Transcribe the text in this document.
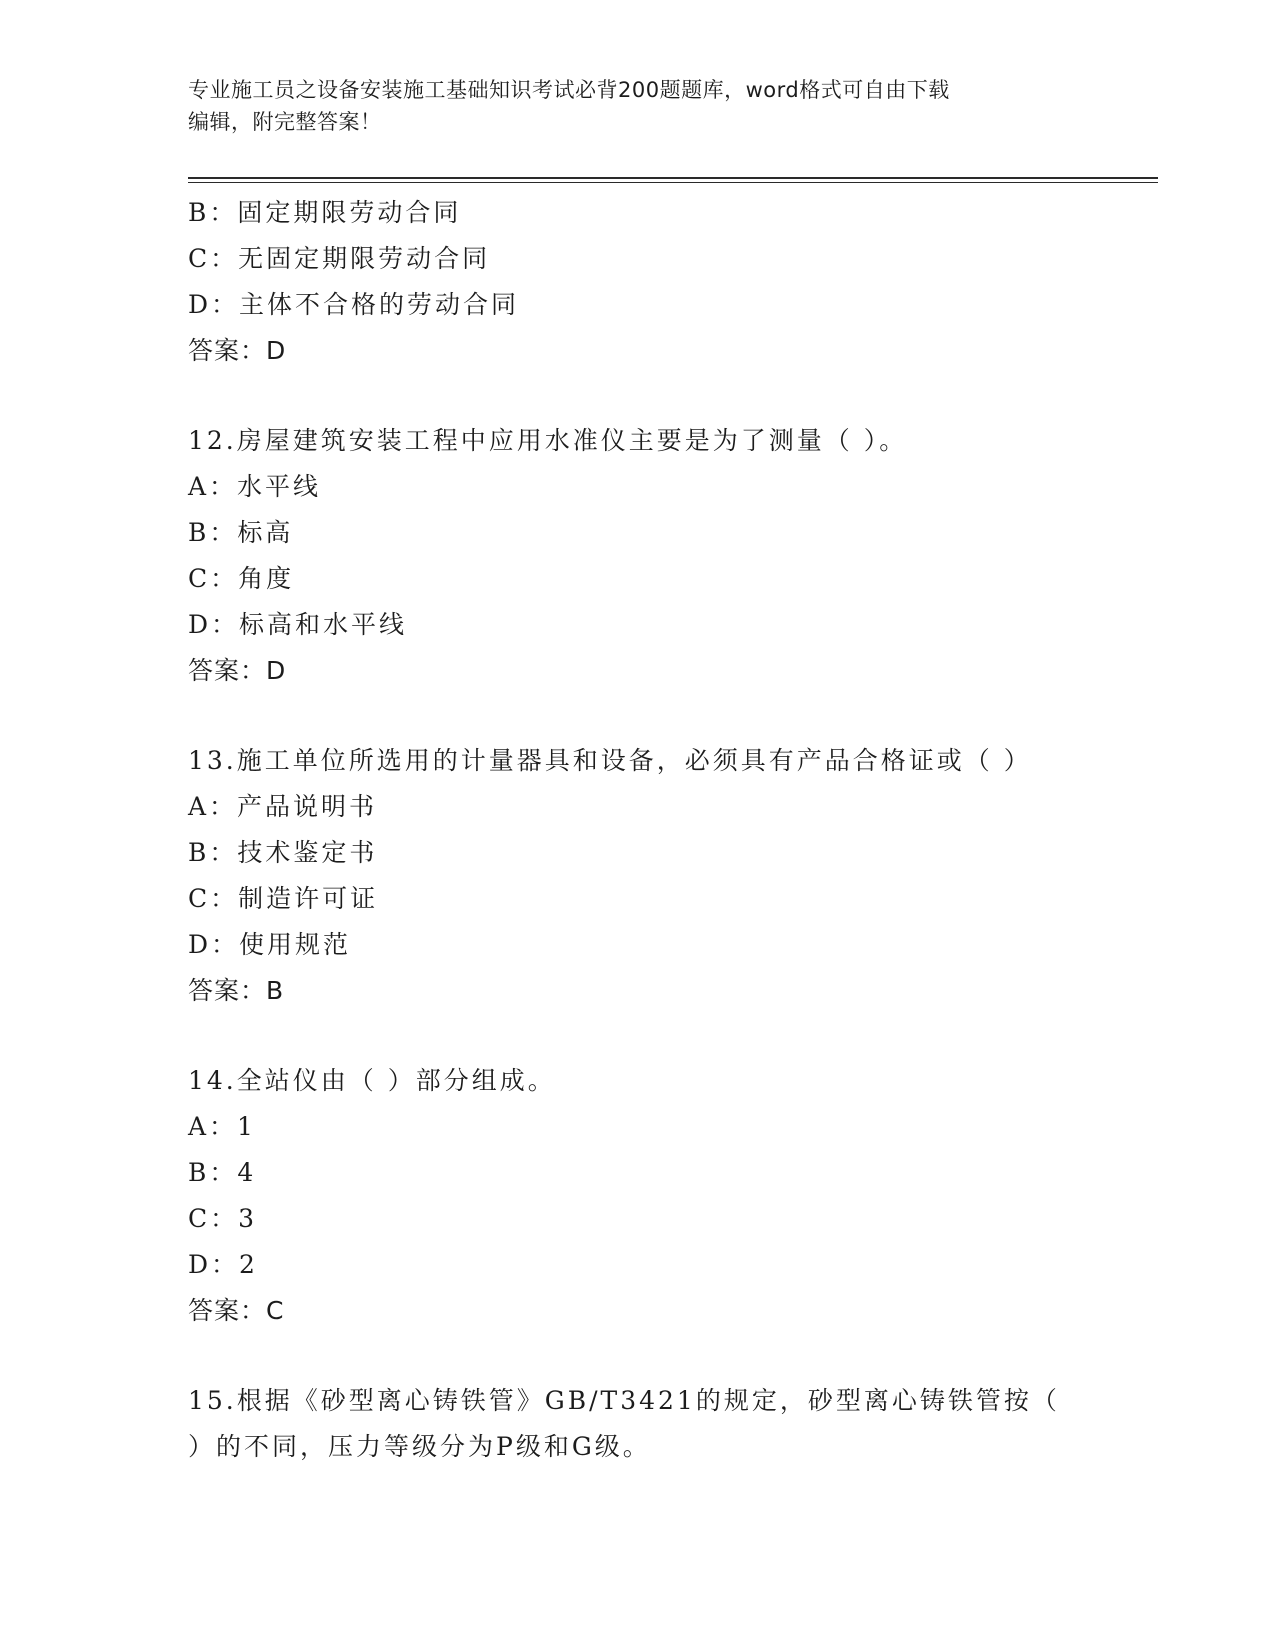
专业施工员之设备安装施工基础知识考试必背200题题库，word格式可自由下载
编辑，附完整答案！
B：固定期限劳动合同
C：无固定期限劳动合同
D：主体不合格的劳动合同
答案：D
12.房屋建筑安装工程中应用水准仪主要是为了测量（ ）。
A：水平线
B：标高
C：角度
D：标高和水平线
答案：D
13.施工单位所选用的计量器具和设备，必须具有产品合格证或（ ）
A：产品说明书
B：技术鉴定书
C：制造许可证
D：使用规范
答案：B
14.全站仪由（ ）部分组成。
A：1
B：4
C：3
D：2
答案：C
15.根据《砂型离心铸铁管》GB/T3421的规定，砂型离心铸铁管按（
）的不同，压力等级分为P级和G级。
